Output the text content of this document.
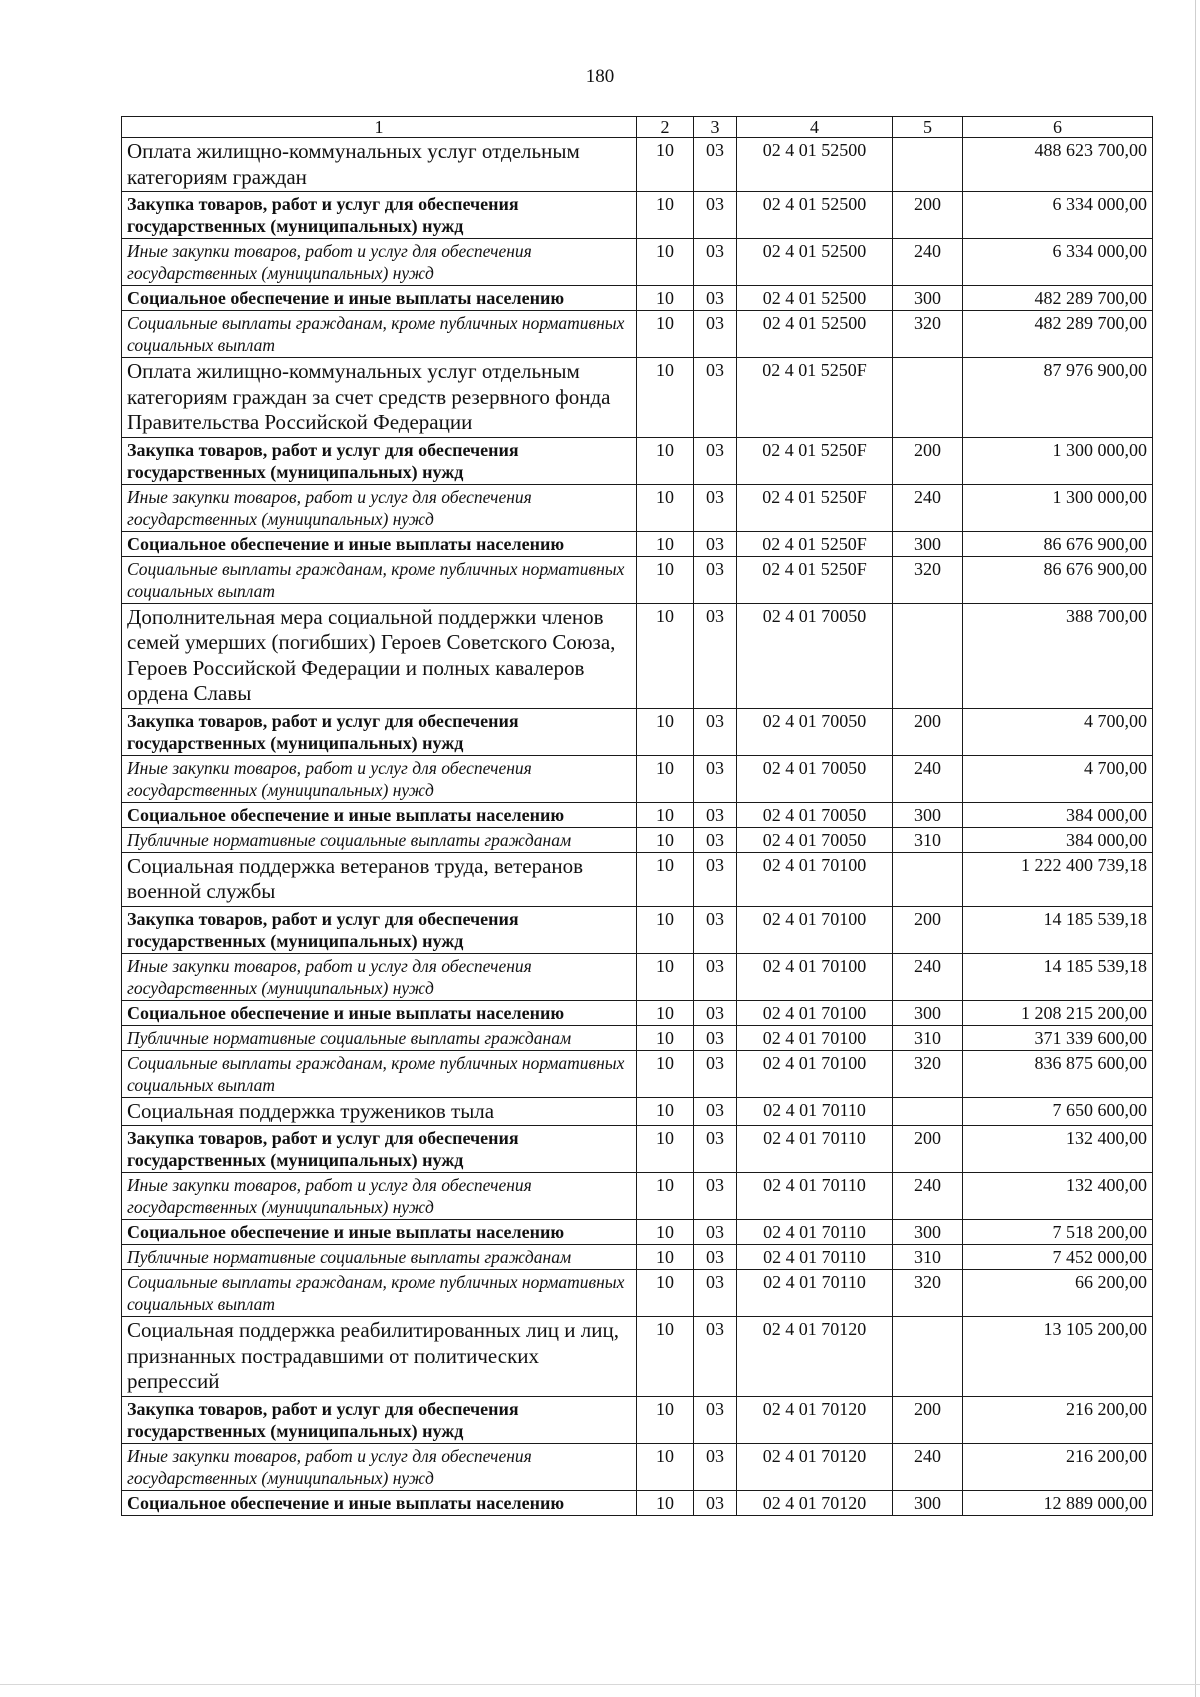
180
1	2	3	4	5	6
Оплата жилищно-коммунальных услуг отдельным категориям граждан	10	03	02 4 01 52500		488 623 700,00
Закупка товаров, работ и услуг для обеспечения государственных (муниципальных) нужд	10	03	02 4 01 52500	200	6 334 000,00
Иные закупки товаров, работ и услуг для обеспечения государственных (муниципальных) нужд	10	03	02 4 01 52500	240	6 334 000,00
Социальное обеспечение и иные выплаты населению	10	03	02 4 01 52500	300	482 289 700,00
Социальные выплаты гражданам, кроме публичных нормативных социальных выплат	10	03	02 4 01 52500	320	482 289 700,00
Оплата жилищно-коммунальных услуг отдельным категориям граждан за счет средств резервного фонда Правительства Российской Федерации	10	03	02 4 01 5250F		87 976 900,00
Закупка товаров, работ и услуг для обеспечения государственных (муниципальных) нужд	10	03	02 4 01 5250F	200	1 300 000,00
Иные закупки товаров, работ и услуг для обеспечения государственных (муниципальных) нужд	10	03	02 4 01 5250F	240	1 300 000,00
Социальное обеспечение и иные выплаты населению	10	03	02 4 01 5250F	300	86 676 900,00
Социальные выплаты гражданам, кроме публичных нормативных социальных выплат	10	03	02 4 01 5250F	320	86 676 900,00
Дополнительная мера социальной поддержки членов семей умерших (погибших) Героев Советского Союза, Героев Российской Федерации и полных кавалеров ордена Славы	10	03	02 4 01 70050		388 700,00
Закупка товаров, работ и услуг для обеспечения государственных (муниципальных) нужд	10	03	02 4 01 70050	200	4 700,00
Иные закупки товаров, работ и услуг для обеспечения государственных (муниципальных) нужд	10	03	02 4 01 70050	240	4 700,00
Социальное обеспечение и иные выплаты населению	10	03	02 4 01 70050	300	384 000,00
Публичные нормативные социальные выплаты гражданам	10	03	02 4 01 70050	310	384 000,00
Социальная поддержка ветеранов труда, ветеранов военной службы	10	03	02 4 01 70100		1 222 400 739,18
Закупка товаров, работ и услуг для обеспечения государственных (муниципальных) нужд	10	03	02 4 01 70100	200	14 185 539,18
Иные закупки товаров, работ и услуг для обеспечения государственных (муниципальных) нужд	10	03	02 4 01 70100	240	14 185 539,18
Социальное обеспечение и иные выплаты населению	10	03	02 4 01 70100	300	1 208 215 200,00
Публичные нормативные социальные выплаты гражданам	10	03	02 4 01 70100	310	371 339 600,00
Социальные выплаты гражданам, кроме публичных нормативных социальных выплат	10	03	02 4 01 70100	320	836 875 600,00
Социальная поддержка тружеников тыла	10	03	02 4 01 70110		7 650 600,00
Закупка товаров, работ и услуг для обеспечения государственных (муниципальных) нужд	10	03	02 4 01 70110	200	132 400,00
Иные закупки товаров, работ и услуг для обеспечения государственных (муниципальных) нужд	10	03	02 4 01 70110	240	132 400,00
Социальное обеспечение и иные выплаты населению	10	03	02 4 01 70110	300	7 518 200,00
Публичные нормативные социальные выплаты гражданам	10	03	02 4 01 70110	310	7 452 000,00
Социальные выплаты гражданам, кроме публичных нормативных социальных выплат	10	03	02 4 01 70110	320	66 200,00
Социальная поддержка реабилитированных лиц и лиц, признанных пострадавшими от политических репрессий	10	03	02 4 01 70120		13 105 200,00
Закупка товаров, работ и услуг для обеспечения государственных (муниципальных) нужд	10	03	02 4 01 70120	200	216 200,00
Иные закупки товаров, работ и услуг для обеспечения государственных (муниципальных) нужд	10	03	02 4 01 70120	240	216 200,00
Социальное обеспечение и иные выплаты населению	10	03	02 4 01 70120	300	12 889 000,00
